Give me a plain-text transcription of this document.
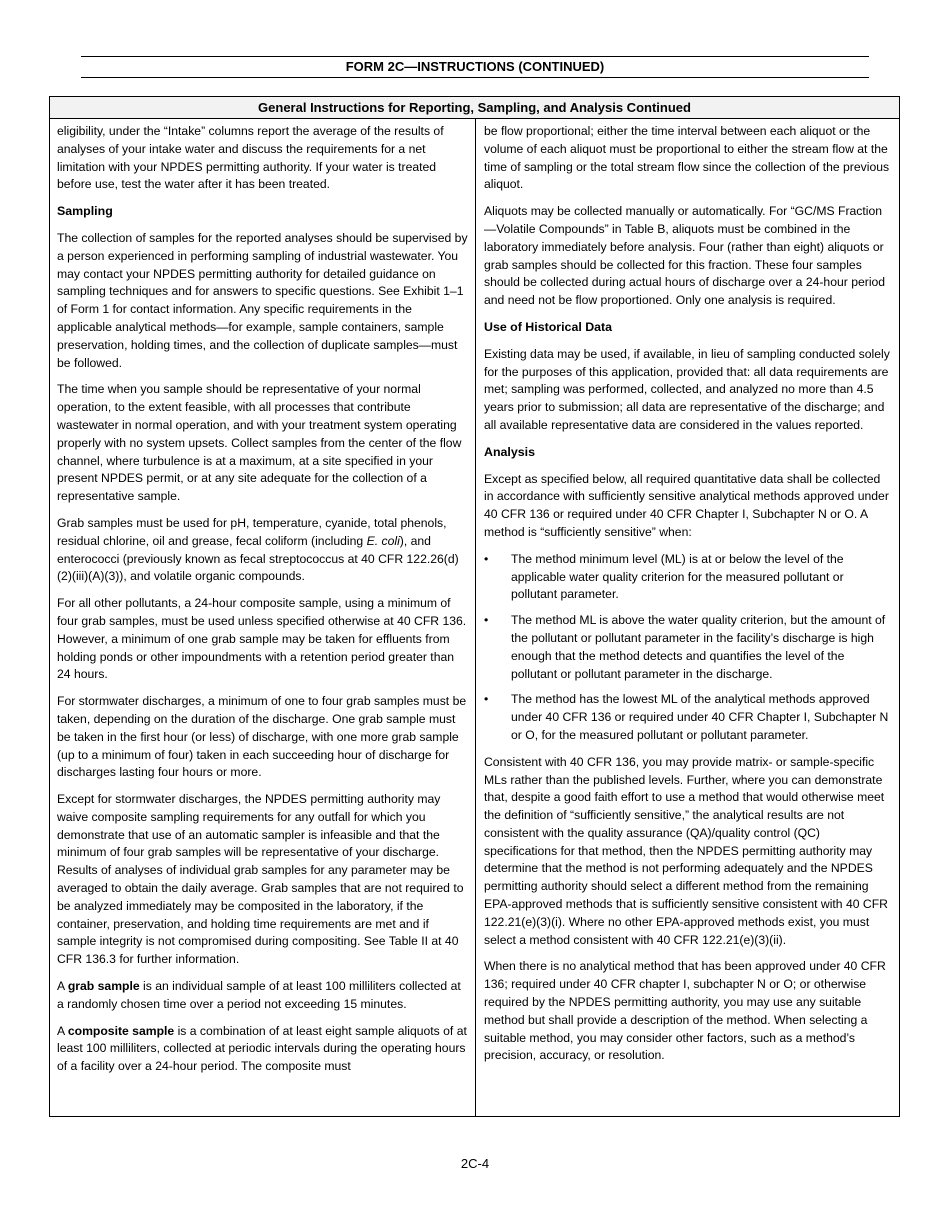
FORM 2C—INSTRUCTIONS (CONTINUED)
General Instructions for Reporting, Sampling, and Analysis Continued

eligibility, under the “Intake” columns report the average of the results of analyses of your intake water and discuss the requirements for a net limitation with your NPDES permitting authority. If your water is treated before use, test the water after it has been treated.

Sampling

The collection of samples for the reported analyses should be supervised by a person experienced in performing sampling of industrial wastewater. You may contact your NPDES permitting authority for detailed guidance on sampling techniques and for answers to specific questions. See Exhibit 1–1 of Form 1 for contact information. Any specific requirements in the applicable analytical methods—for example, sample containers, sample preservation, holding times, and the collection of duplicate samples—must be followed.

The time when you sample should be representative of your normal operation, to the extent feasible, with all processes that contribute wastewater in normal operation, and with your treatment system operating properly with no system upsets. Collect samples from the center of the flow channel, where turbulence is at a maximum, at a site specified in your present NPDES permit, or at any site adequate for the collection of a representative sample.

Grab samples must be used for pH, temperature, cyanide, total phenols, residual chlorine, oil and grease, fecal coliform (including E. coli), and enterococci (previously known as fecal streptococcus at 40 CFR 122.26(d)(2)(iii)(A)(3)), and volatile organic compounds.

For all other pollutants, a 24-hour composite sample, using a minimum of four grab samples, must be used unless specified otherwise at 40 CFR 136. However, a minimum of one grab sample may be taken for effluents from holding ponds or other impoundments with a retention period greater than 24 hours.

For stormwater discharges, a minimum of one to four grab samples must be taken, depending on the duration of the discharge. One grab sample must be taken in the first hour (or less) of discharge, with one more grab sample (up to a minimum of four) taken in each succeeding hour of discharge for discharges lasting four hours or more.

Except for stormwater discharges, the NPDES permitting authority may waive composite sampling requirements for any outfall for which you demonstrate that use of an automatic sampler is infeasible and that the minimum of four grab samples will be representative of your discharge. Results of analyses of individual grab samples for any parameter may be averaged to obtain the daily average. Grab samples that are not required to be analyzed immediately may be composited in the laboratory, if the container, preservation, and holding time requirements are met and if sample integrity is not compromised during compositing. See Table II at 40 CFR 136.3 for further information.

A grab sample is an individual sample of at least 100 milliliters collected at a randomly chosen time over a period not exceeding 15 minutes.

A composite sample is a combination of at least eight sample aliquots of at least 100 milliliters, collected at periodic intervals during the operating hours of a facility over a 24-hour period. The composite must

be flow proportional; either the time interval between each aliquot or the volume of each aliquot must be proportional to either the stream flow at the time of sampling or the total stream flow since the collection of the previous aliquot.

Aliquots may be collected manually or automatically. For “GC/MS Fraction—Volatile Compounds” in Table B, aliquots must be combined in the laboratory immediately before analysis. Four (rather than eight) aliquots or grab samples should be collected for this fraction. These four samples should be collected during actual hours of discharge over a 24-hour period and need not be flow proportioned. Only one analysis is required.

Use of Historical Data

Existing data may be used, if available, in lieu of sampling conducted solely for the purposes of this application, provided that: all data requirements are met; sampling was performed, collected, and analyzed no more than 4.5 years prior to submission; all data are representative of the discharge; and all available representative data are considered in the values reported.

Analysis

Except as specified below, all required quantitative data shall be collected in accordance with sufficiently sensitive analytical methods approved under 40 CFR 136 or required under 40 CFR Chapter I, Subchapter N or O. A method is “sufficiently sensitive” when:

• The method minimum level (ML) is at or below the level of the applicable water quality criterion for the measured pollutant or pollutant parameter.
• The method ML is above the water quality criterion, but the amount of the pollutant or pollutant parameter in the facility’s discharge is high enough that the method detects and quantifies the level of the pollutant or pollutant parameter in the discharge.
• The method has the lowest ML of the analytical methods approved under 40 CFR 136 or required under 40 CFR Chapter I, Subchapter N or O, for the measured pollutant or pollutant parameter.

Consistent with 40 CFR 136, you may provide matrix- or sample-specific MLs rather than the published levels. Further, where you can demonstrate that, despite a good faith effort to use a method that would otherwise meet the definition of “sufficiently sensitive,” the analytical results are not consistent with the quality assurance (QA)/quality control (QC) specifications for that method, then the NPDES permitting authority may determine that the method is not performing adequately and the NPDES permitting authority should select a different method from the remaining EPA-approved methods that is sufficiently sensitive consistent with 40 CFR 122.21(e)(3)(i). Where no other EPA-approved methods exist, you must select a method consistent with 40 CFR 122.21(e)(3)(ii).

When there is no analytical method that has been approved under 40 CFR 136; required under 40 CFR chapter I, subchapter N or O; or otherwise required by the NPDES permitting authority, you may use any suitable method but shall provide a description of the method. When selecting a suitable method, you may consider other factors, such as a method’s precision, accuracy, or resolution.

2C-4
